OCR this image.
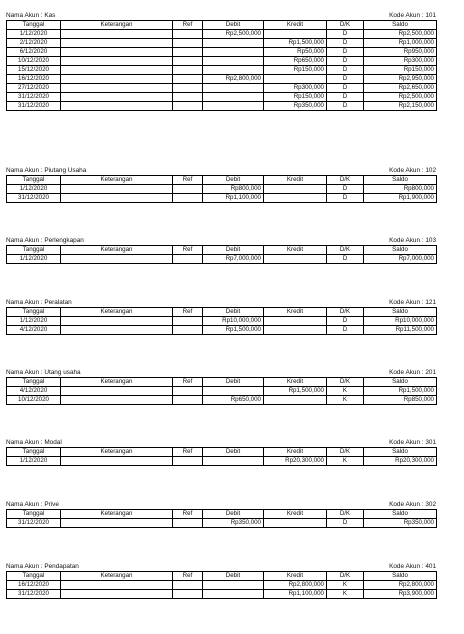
Nama Akun : Kas	Kode Akun : 101
Tanggal	Keterangan	Ref	Debit	Kredit	D/K	Saldo
1/12/2020			Rp2,500,000		D	Rp2,500,000
2/12/2020				Rp1,500,000	D	Rp1,000,000
6/12/2020				Rp50,000	D	Rp950,000
10/12/2020				Rp650,000	D	Rp300,000
15/12/2020				Rp150,000	D	Rp150,000
16/12/2020			Rp2,800,000		D	Rp2,950,000
27/12/2020				Rp300,000	D	Rp2,650,000
31/12/2020				Rp150,000	D	Rp2,500,000
31/12/2020				Rp350,000	D	Rp2,150,000
Nama Akun : Piutang Usaha	Kode Akun : 102
Tanggal	Keterangan	Ref	Debit	Kredit	D/K	Saldo
1/12/2020			Rp800,000		D	Rp800,000
31/12/2020			Rp1,100,000		D	Rp1,900,000
Nama Akun : Perlengkapan	Kode Akun : 103
Tanggal	Keterangan	Ref	Debit	Kredit	D/K	Saldo
1/12/2020			Rp7,000,000		D	Rp7,000,000
Nama Akun : Peralatan	Kode Akun : 121
Tanggal	Keterangan	Ref	Debit	Kredit	D/K	Saldo
1/12/2020			Rp10,000,000		D	Rp10,000,000
4/12/2020			Rp1,500,000		D	Rp11,500,000
Nama Akun : Utang usaha	Kode Akun : 201
Tanggal	Keterangan	Ref	Debit	Kredit	D/K	Saldo
4/12/2020				Rp1,500,000	K	Rp1,500,000
10/12/2020			Rp650,000		K	Rp850,000
Nama Akun : Modal	Kode Akun : 301
Tanggal	Keterangan	Ref	Debit	Kredit	D/K	Saldo
1/12/2020				Rp20,300,000	K	Rp20,300,000
Nama Akun : Prive	Kode Akun : 302
Tanggal	Keterangan	Ref	Debit	Kredit	D/K	Saldo
31/12/2020			Rp350,000		D	Rp350,000
Nama Akun : Pendapatan	Kode Akun : 401
Tanggal	Keterangan	Ref	Debit	Kredit	D/K	Saldo
16/12/2020				Rp2,800,000	K	Rp2,800,000
31/12/2020				Rp1,100,000	K	Rp3,900,000
